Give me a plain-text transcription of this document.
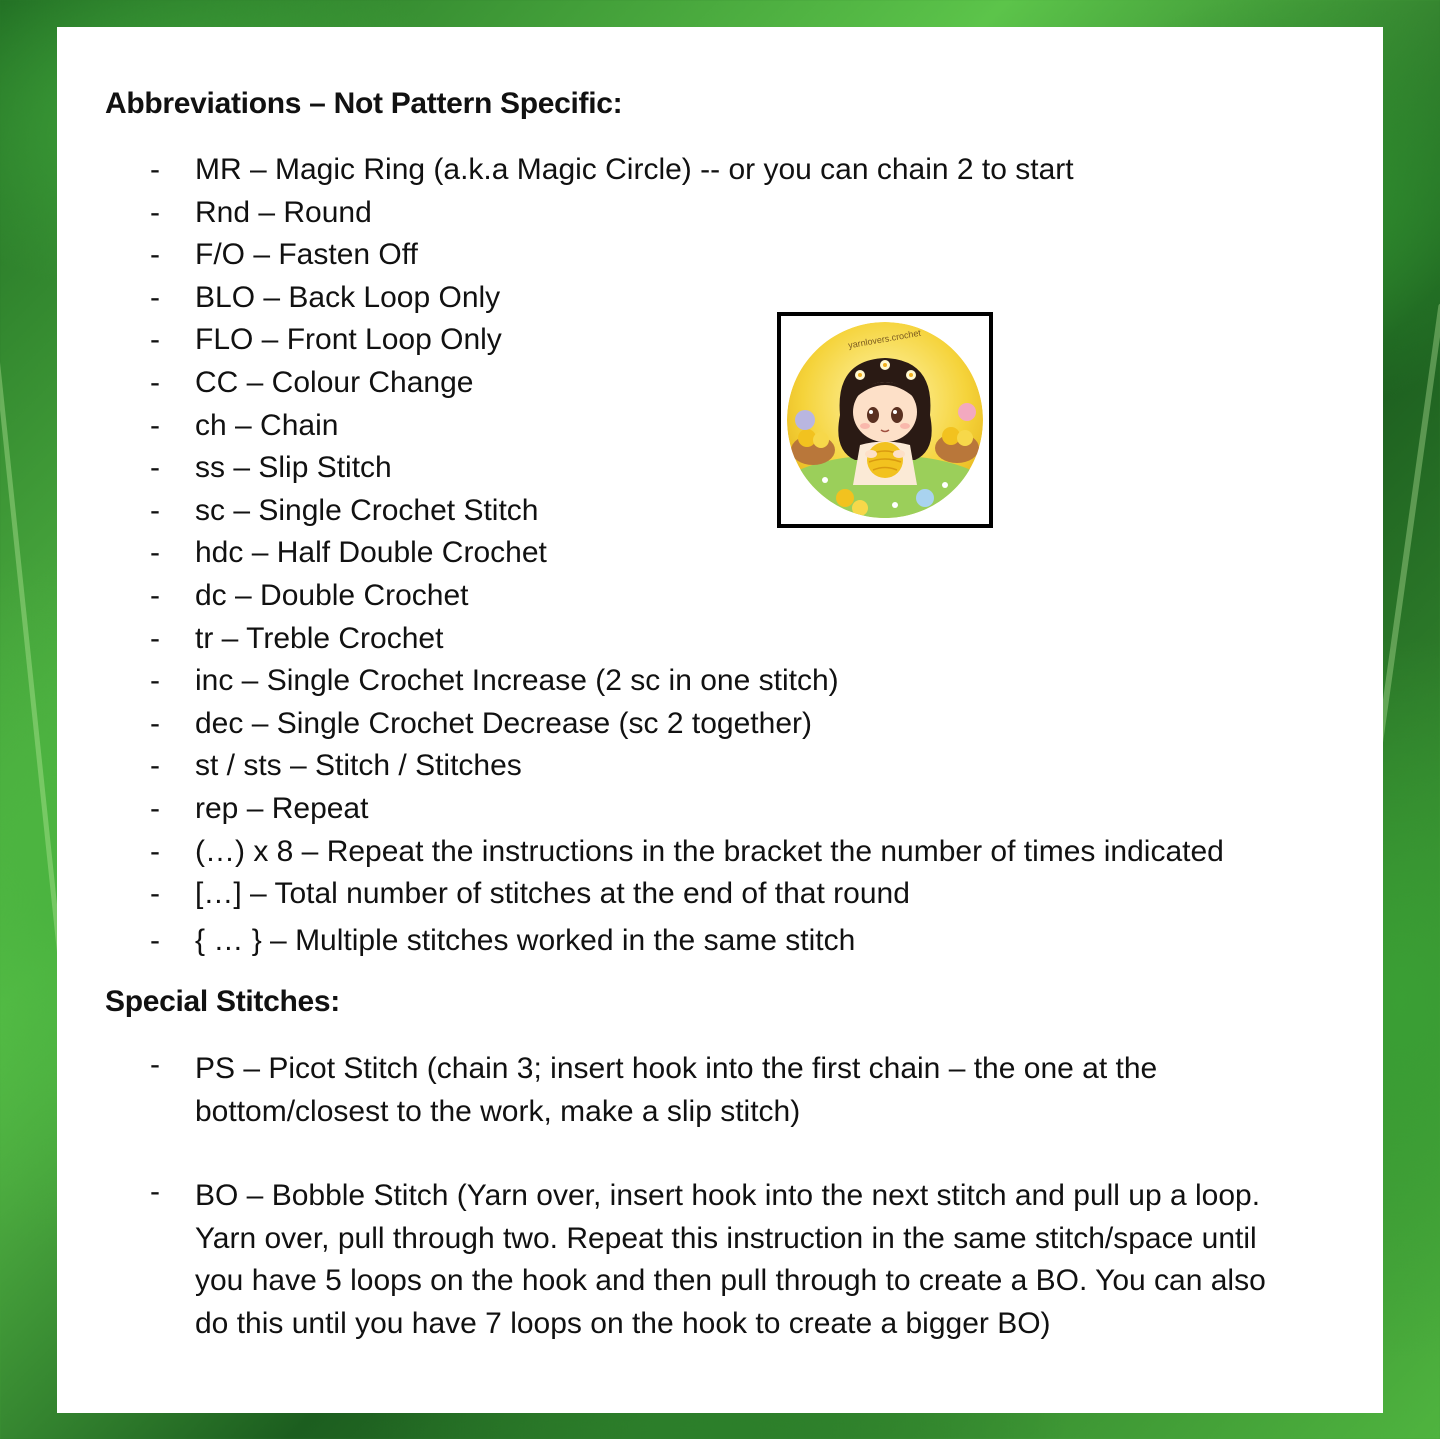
Abbreviations – Not Pattern Specific:
- MR – Magic Ring (a.k.a Magic Circle) -- or you can chain 2 to start
- Rnd – Round
- F/O – Fasten Off
- BLO – Back Loop Only
- FLO – Front Loop Only
- CC – Colour Change
- ch – Chain
- ss – Slip Stitch
- sc – Single Crochet Stitch
- hdc – Half Double Crochet
- dc – Double Crochet
- tr – Treble Crochet
- inc – Single Crochet Increase (2 sc in one stitch)
- dec – Single Crochet Decrease (sc 2 together)
- st / sts – Stitch / Stitches
- rep – Repeat
- (…) x 8 – Repeat the instructions in the bracket the number of times indicated
- […] – Total number of stitches at the end of that round
- { … } – Multiple stitches worked in the same stitch
Special Stitches:
- PS – Picot Stitch (chain 3; insert hook into the first chain – the one at the
bottom/closest to the work, make a slip stitch)
- BO – Bobble Stitch (Yarn over, insert hook into the next stitch and pull up a loop.
Yarn over, pull through two. Repeat this instruction in the same stitch/space until
you have 5 loops on the hook and then pull through to create a BO. You can also
do this until you have 7 loops on the hook to create a bigger BO)
yarnlovers.crochet
